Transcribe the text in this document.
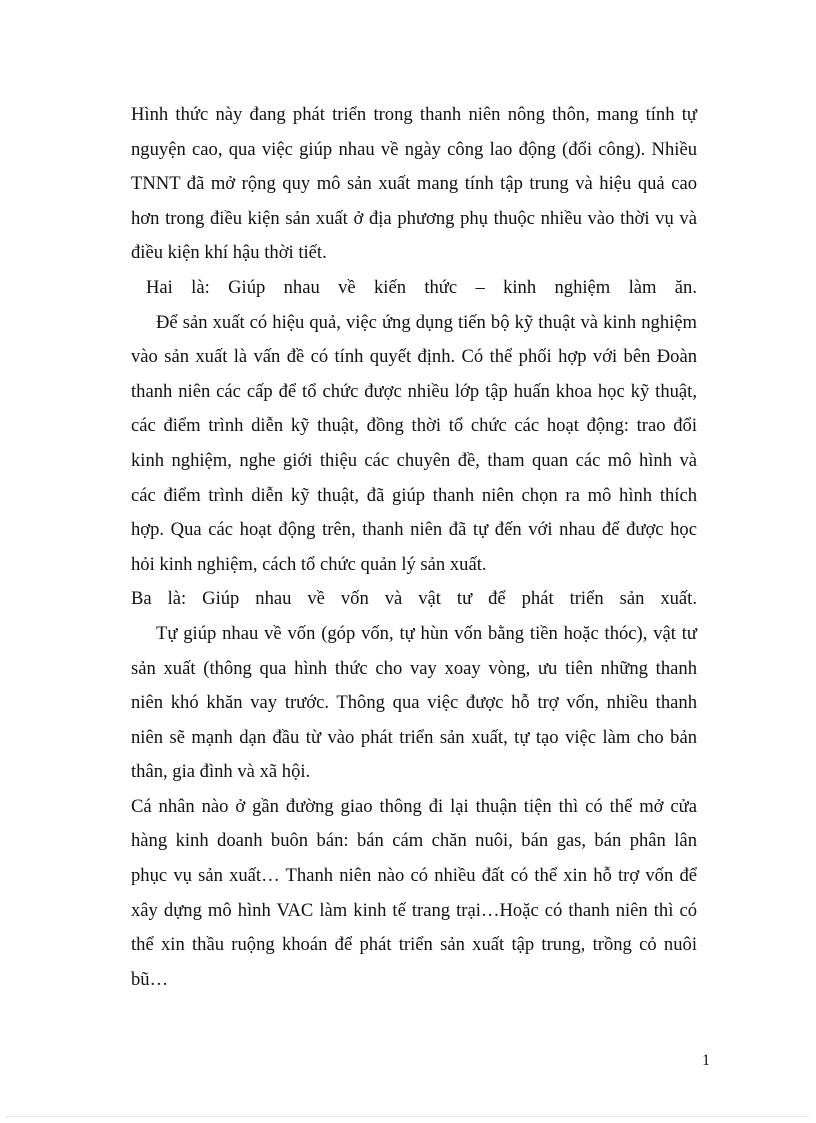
Hình thức này đang phát triển trong thanh niên nông thôn, mang tính tự
nguyện cao, qua việc giúp nhau về ngày công lao động (đổi công). Nhiều
TNNT đã mở rộng quy mô sản xuất mang tính tập trung và hiệu quả cao
hơn trong điều kiện sản xuất ở địa phương phụ thuộc nhiều vào thời vụ và
điều kiện khí hậu thời tiết.
Hai là: Giúp nhau về kiến thức – kinh nghiệm làm ăn.
Để sản xuất có hiệu quả, việc ứng dụng tiến bộ kỹ thuật và kinh nghiệm
vào sản xuất là vấn đề có tính quyết định. Có thể phối hợp với bên Đoàn
thanh niên các cấp để tổ chức được nhiều lớp tập huấn khoa học kỹ thuật,
các điểm trình diễn kỹ thuật, đồng thời tổ chức các hoạt động: trao đổi
kinh nghiệm, nghe giới thiệu các chuyên đề, tham quan các mô hình và
các điểm trình diễn kỹ thuật, đã giúp thanh niên chọn ra mô hình thích
hợp. Qua các hoạt động trên, thanh niên đã tự đến với nhau để được học
hỏi kinh nghiệm, cách tổ chức quản lý sản xuất.
Ba là: Giúp nhau về vốn và vật tư để phát triển sản xuất.
Tự giúp nhau về vốn (góp vốn, tự hùn vốn bằng tiền hoặc thóc), vật tư
sản xuất (thông qua hình thức cho vay xoay vòng, ưu tiên những thanh
niên khó khăn vay trước. Thông qua việc được hỗ trợ vốn, nhiều thanh
niên sẽ mạnh dạn đầu từ vào phát triển sản xuất, tự tạo việc làm cho bản
thân, gia đình và xã hội.
Cá nhân nào ở gần đường giao thông đi lại thuận tiện thì có thể mở cửa
hàng kinh doanh buôn bán: bán cám chăn nuôi, bán gas, bán phân lân
phục vụ sản xuất… Thanh niên nào có nhiều đất có thể xin hỗ trợ vốn để
xây dựng mô hình VAC làm kinh tế trang trại…Hoặc có thanh niên thì có
thể xin thầu ruộng khoán để phát triển sản xuất tập trung, trồng cỏ nuôi
bũ…
1
